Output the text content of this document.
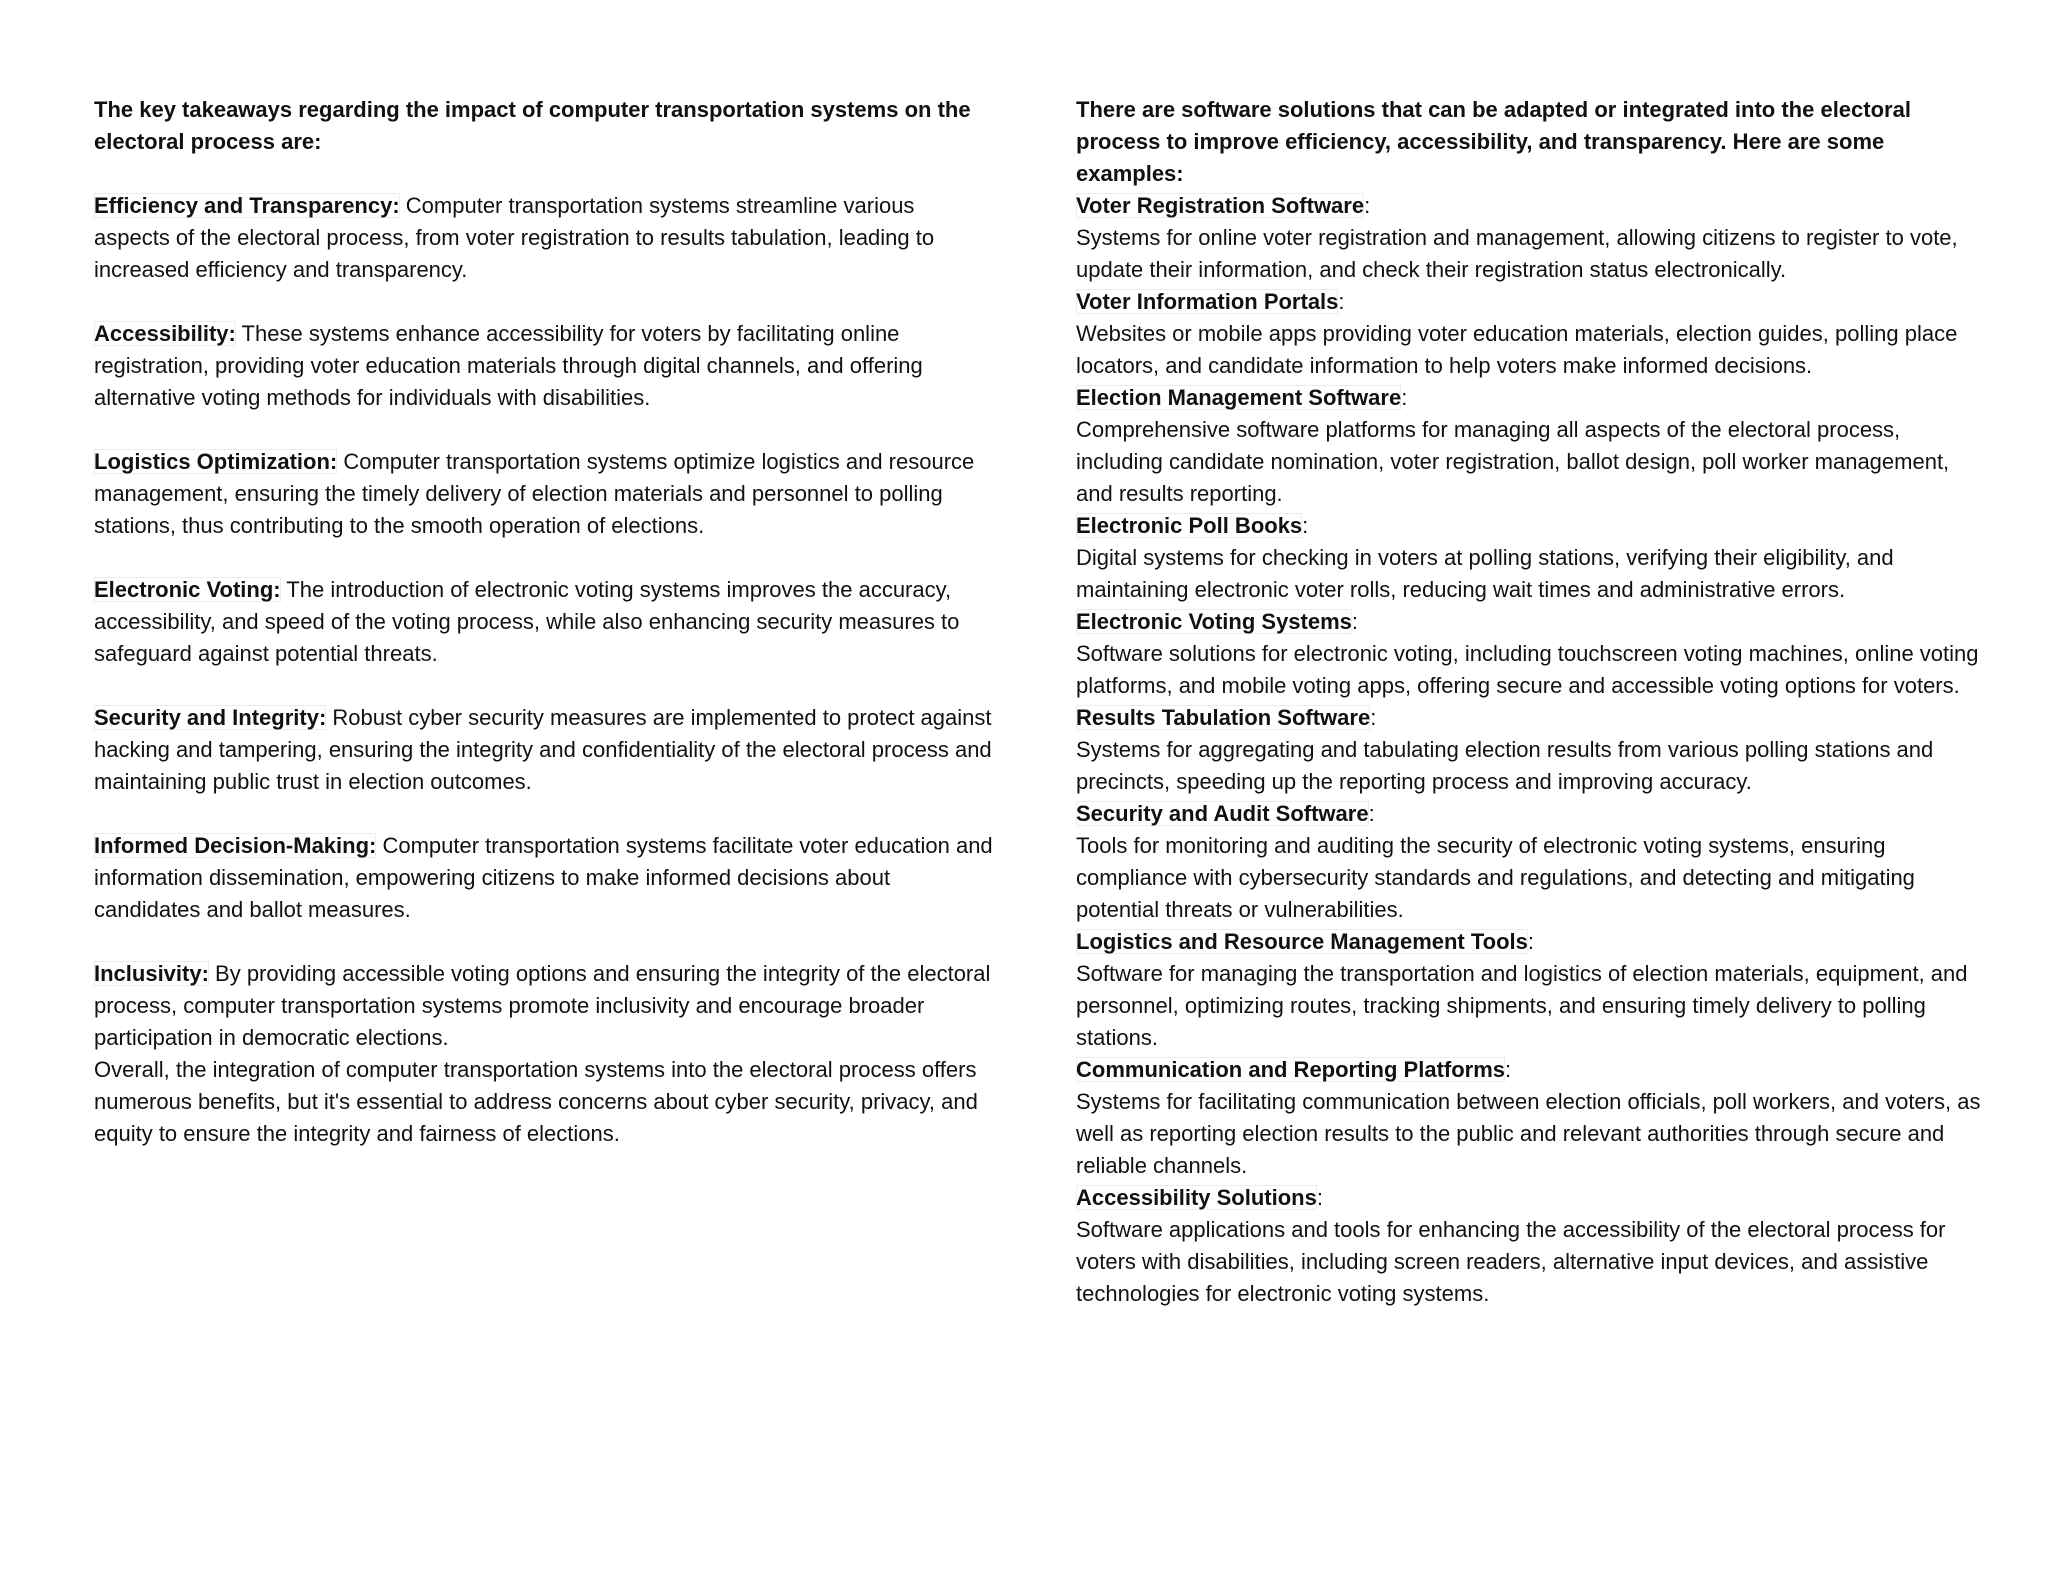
The key takeaways regarding the impact of computer transportation systems on the electoral process are:

Efficiency and Transparency: Computer transportation systems streamline various aspects of the electoral process, from voter registration to results tabulation, leading to increased efficiency and transparency.

Accessibility: These systems enhance accessibility for voters by facilitating online registration, providing voter education materials through digital channels, and offering alternative voting methods for individuals with disabilities.

Logistics Optimization: Computer transportation systems optimize logistics and resource management, ensuring the timely delivery of election materials and personnel to polling stations, thus contributing to the smooth operation of elections.

Electronic Voting: The introduction of electronic voting systems improves the accuracy, accessibility, and speed of the voting process, while also enhancing security measures to safeguard against potential threats.

Security and Integrity: Robust cyber security measures are implemented to protect against hacking and tampering, ensuring the integrity and confidentiality of the electoral process and maintaining public trust in election outcomes.

Informed Decision-Making: Computer transportation systems facilitate voter education and information dissemination, empowering citizens to make informed decisions about candidates and ballot measures.

Inclusivity: By providing accessible voting options and ensuring the integrity of the electoral process, computer transportation systems promote inclusivity and encourage broader participation in democratic elections.

Overall, the integration of computer transportation systems into the electoral process offers numerous benefits, but it's essential to address concerns about cyber security, privacy, and equity to ensure the integrity and fairness of elections.

There are software solutions that can be adapted or integrated into the electoral process to improve efficiency, accessibility, and transparency. Here are some examples:

Voter Registration Software:

Systems for online voter registration and management, allowing citizens to register to vote, update their information, and check their registration status electronically.

Voter Information Portals:

Websites or mobile apps providing voter education materials, election guides, polling place locators, and candidate information to help voters make informed decisions.

Election Management Software:

Comprehensive software platforms for managing all aspects of the electoral process, including candidate nomination, voter registration, ballot design, poll worker management, and results reporting.

Electronic Poll Books:

Digital systems for checking in voters at polling stations, verifying their eligibility, and maintaining electronic voter rolls, reducing wait times and administrative errors.

Electronic Voting Systems:

Software solutions for electronic voting, including touchscreen voting machines, online voting platforms, and mobile voting apps, offering secure and accessible voting options for voters.

Results Tabulation Software:

Systems for aggregating and tabulating election results from various polling stations and precincts, speeding up the reporting process and improving accuracy.

Security and Audit Software:

Tools for monitoring and auditing the security of electronic voting systems, ensuring compliance with cybersecurity standards and regulations, and detecting and mitigating potential threats or vulnerabilities.

Logistics and Resource Management Tools:

Software for managing the transportation and logistics of election materials, equipment, and personnel, optimizing routes, tracking shipments, and ensuring timely delivery to polling stations.

Communication and Reporting Platforms:

Systems for facilitating communication between election officials, poll workers, and voters, as well as reporting election results to the public and relevant authorities through secure and reliable channels.

Accessibility Solutions:

Software applications and tools for enhancing the accessibility of the electoral process for voters with disabilities, including screen readers, alternative input devices, and assistive technologies for electronic voting systems.
